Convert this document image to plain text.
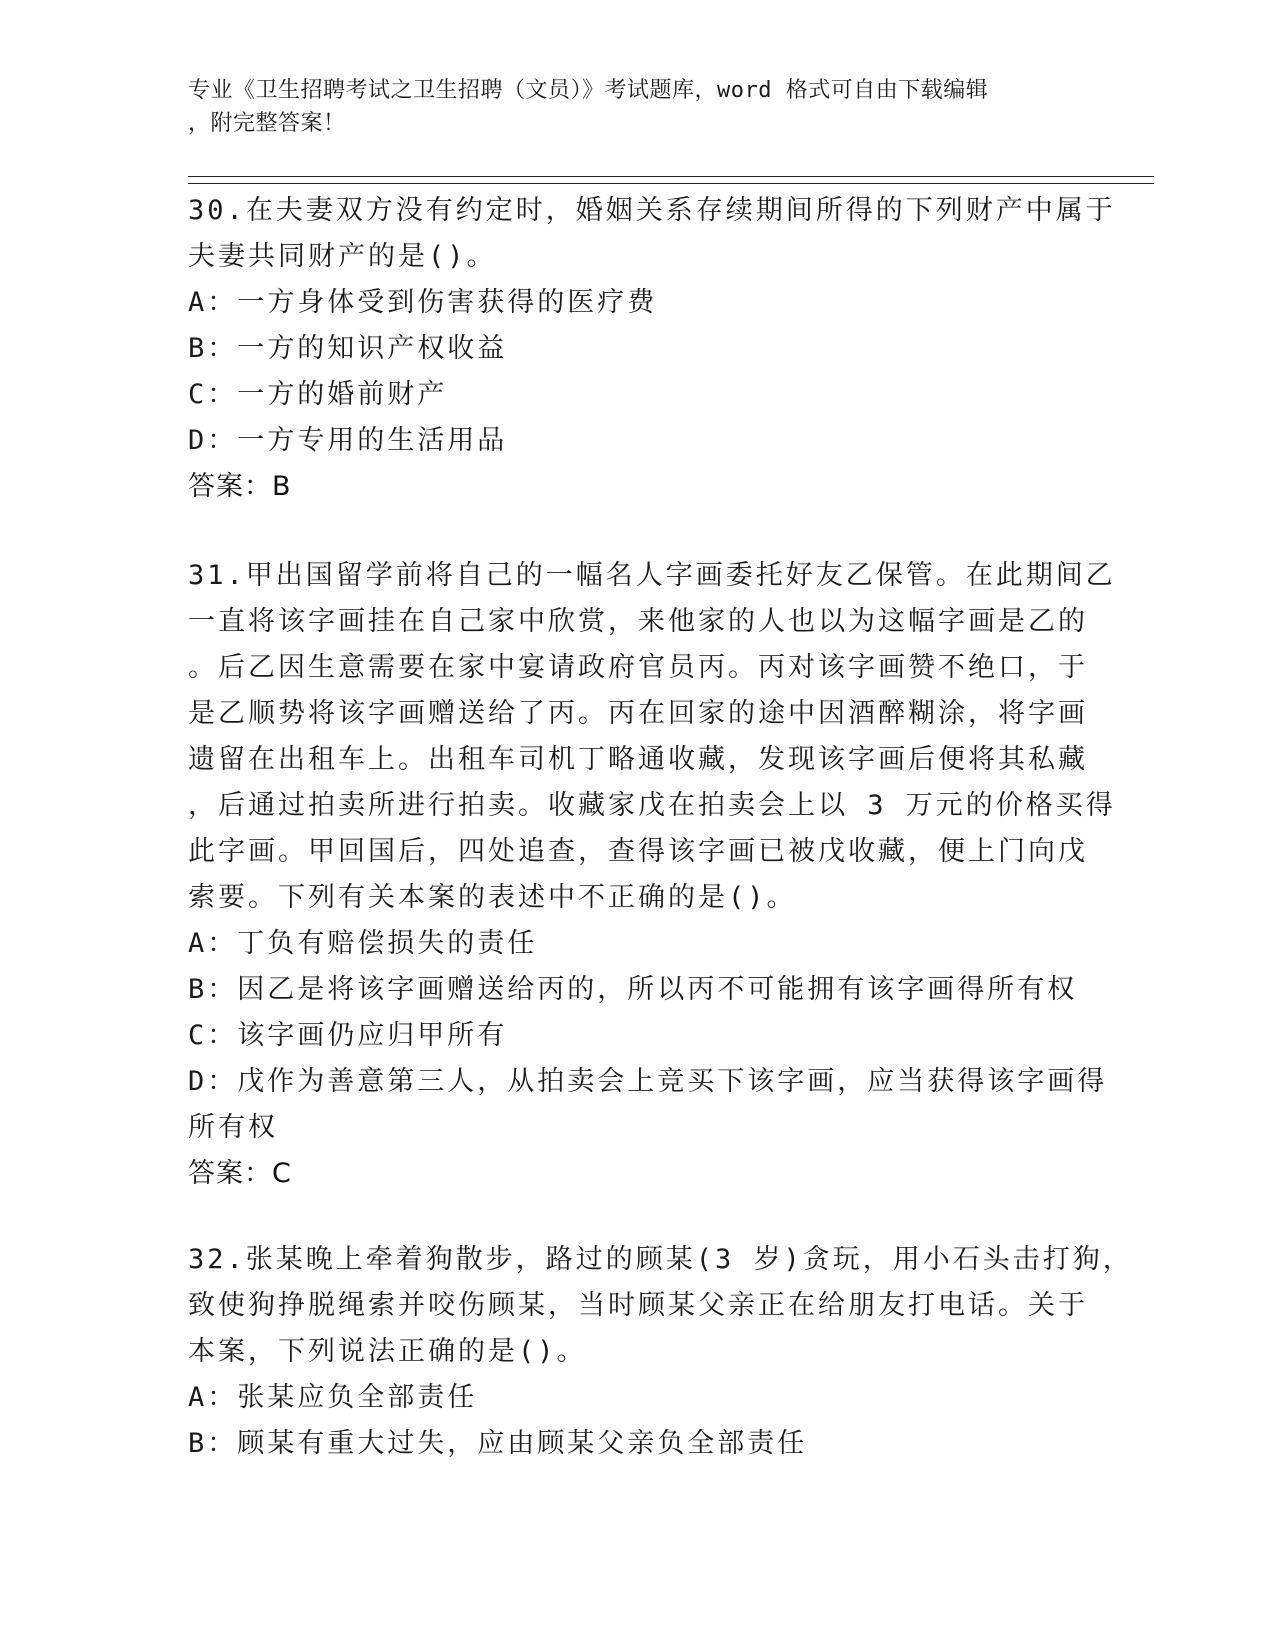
专业《卫生招聘考试之卫生招聘（文员）》考试题库，word 格式可自由下载编辑
，附完整答案！
30.在夫妻双方没有约定时，婚姻关系存续期间所得的下列财产中属于
夫妻共同财产的是()。
A：一方身体受到伤害获得的医疗费
B：一方的知识产权收益
C：一方的婚前财产
D：一方专用的生活用品
答案：B
31.甲出国留学前将自己的一幅名人字画委托好友乙保管。在此期间乙
一直将该字画挂在自己家中欣赏，来他家的人也以为这幅字画是乙的
。后乙因生意需要在家中宴请政府官员丙。丙对该字画赞不绝口，于
是乙顺势将该字画赠送给了丙。丙在回家的途中因酒醉糊涂，将字画
遗留在出租车上。出租车司机丁略通收藏，发现该字画后便将其私藏
，后通过拍卖所进行拍卖。收藏家戊在拍卖会上以 3 万元的价格买得
此字画。甲回国后，四处追查，查得该字画已被戊收藏，便上门向戊
索要。下列有关本案的表述中不正确的是()。
A：丁负有赔偿损失的责任
B：因乙是将该字画赠送给丙的，所以丙不可能拥有该字画得所有权
C：该字画仍应归甲所有
D：戊作为善意第三人，从拍卖会上竞买下该字画，应当获得该字画得
所有权
答案：C
32.张某晚上牵着狗散步，路过的顾某(3 岁)贪玩，用小石头击打狗，
致使狗挣脱绳索并咬伤顾某，当时顾某父亲正在给朋友打电话。关于
本案，下列说法正确的是()。
A：张某应负全部责任
B：顾某有重大过失，应由顾某父亲负全部责任
